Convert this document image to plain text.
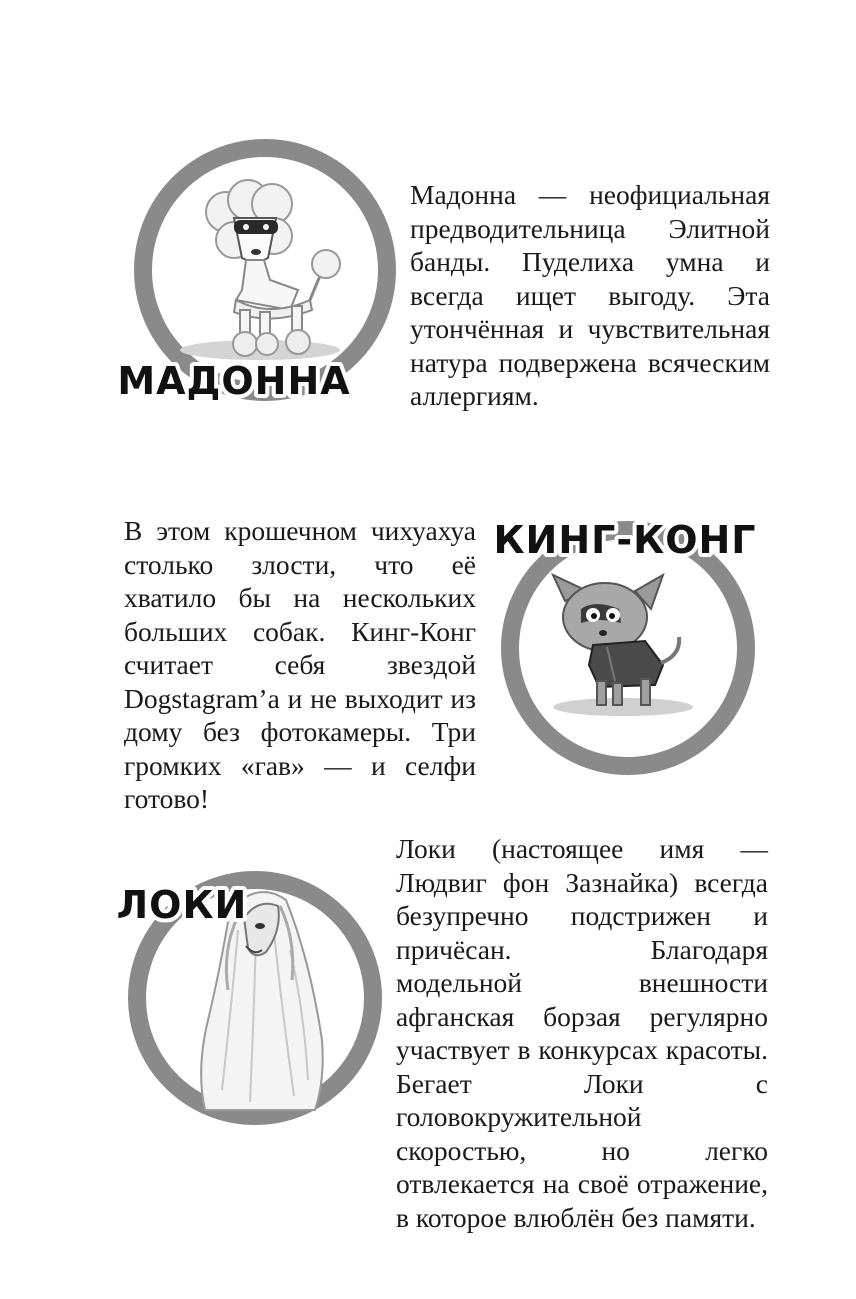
МАДОННА

Мадонна — неофициальная предводительница Элитной банды. Пуделиха умна и всегда ищет выгоду. Эта утончённая и чувствительная натура подвержена всяческим аллергиям.

В этом крошечном чихуахуа столько злости, что её хватило бы на нескольких больших собак. Кинг-Конг считает себя звездой Dogstagram’a и не выходит из дому без фотокамеры. Три громких «гав» — и селфи готово!

КИНГ-КОНГ
ЛОКИ

Локи (настоящее имя — Людвиг фон Зазнайка) всегда безупречно подстрижен и причёсан. Благодаря модельной внешности афганская борзая регулярно участвует в конкурсах красоты. Бегает Локи с головокружительной скоростью, но легко отвлекается на своё отражение, в которое влюблён без памяти.
